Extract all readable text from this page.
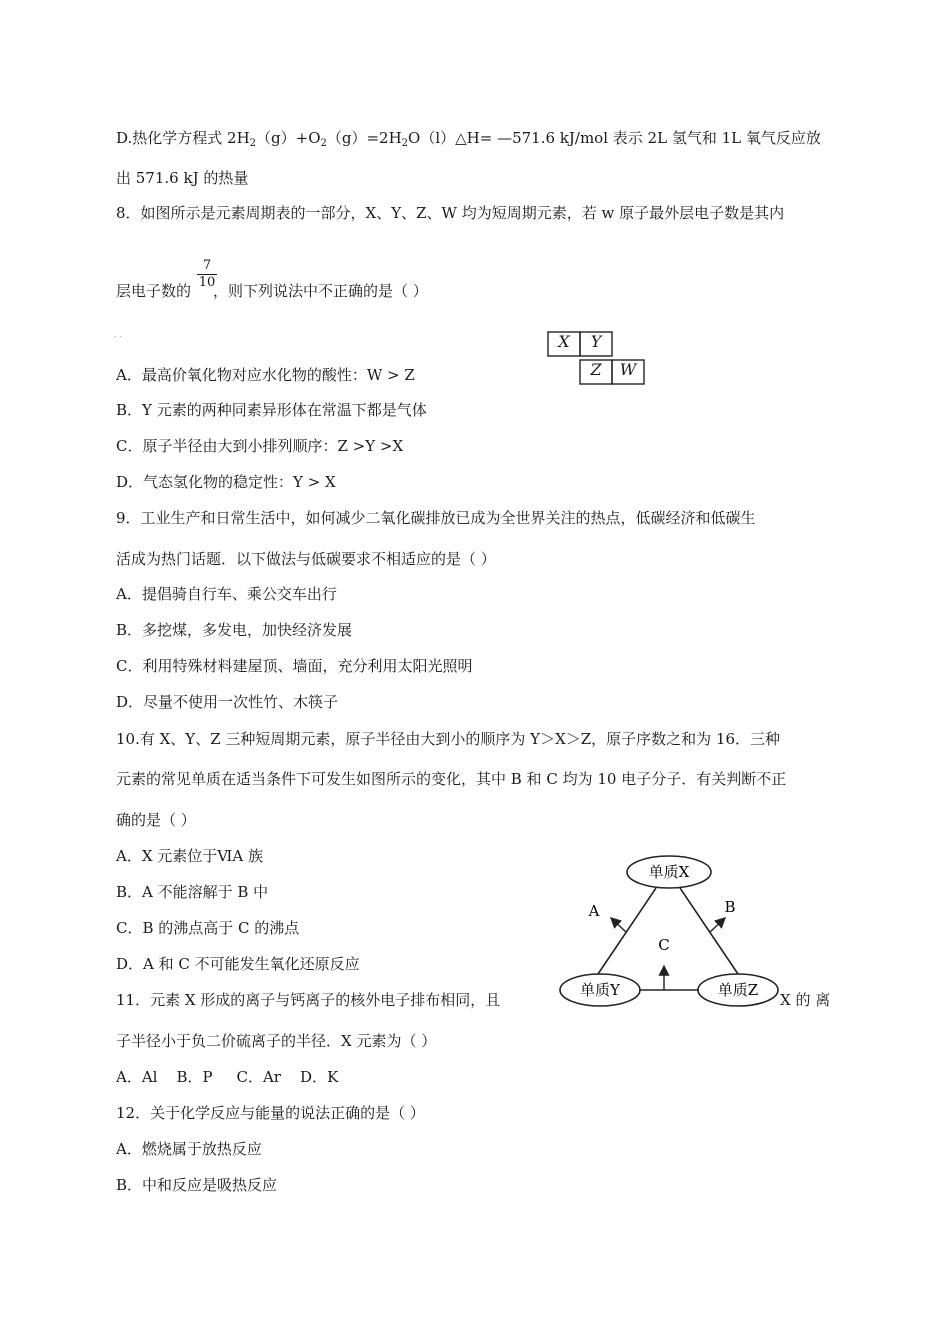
D.热化学方程式 $2H_2(g)+O_2(g)=2H_2O(l)\triangle H=$ —571.6 kJ/mol 表示 2L 氢气和 1L 氧气反应放
出 571.6 kJ 的热量
8．如图所示是元素周期表的一部分，X、Y、Z、W 均为短周期元素，若 w 原子最外层电子数是其内
$\frac{7}{10}$
层电子数的 ，则下列说法中不正确的是（ ）
..	X	Y
Z	W
A．最高价氧化物对应水化物的酸性：W > Z
B．Y 元素的两种同素异形体在常温下都是气体
C．原子半径由大到小排列顺序：Z >Y >X
D．气态氢化物的稳定性：Y > X
9．工业生产和日常生活中，如何减少二氧化碳排放已成为全世界关注的热点，低碳经济和低碳生
活成为热门话题．以下做法与低碳要求不相适应的是（ ）
A．提倡骑自行车、乘公交车出行
B．多挖煤，多发电，加快经济发展
C．利用特殊材料建屋顶、墙面，充分利用太阳光照明
D．尽量不使用一次性竹、木筷子
10.有 X、Y、Z 三种短周期元素，原子半径由大到小的顺序为 Y＞X＞Z，原子序数之和为 16．三种
元素的常见单质在适当条件下可发生如图所示的变化，其中 B 和 C 均为 10 电子分子．有关判断不正
确的是（ ）
A．X 元素位于ⅥA 族
B．A 不能溶解于 B 中
C．B 的沸点高于 C 的沸点
D．A 和 C 不可能发生氧化还原反应
单质X
单质Y	单质Z
A	B
C
11．元素 X 形成的离子与钙离子的核外电子排布相同，且	X 的 离
子半径小于负二价硫离子的半径．X 元素为（ ）
A．Al    B．P     C．Ar    D．K
12．关于化学反应与能量的说法正确的是（ ）
A．燃烧属于放热反应
B．中和反应是吸热反应
